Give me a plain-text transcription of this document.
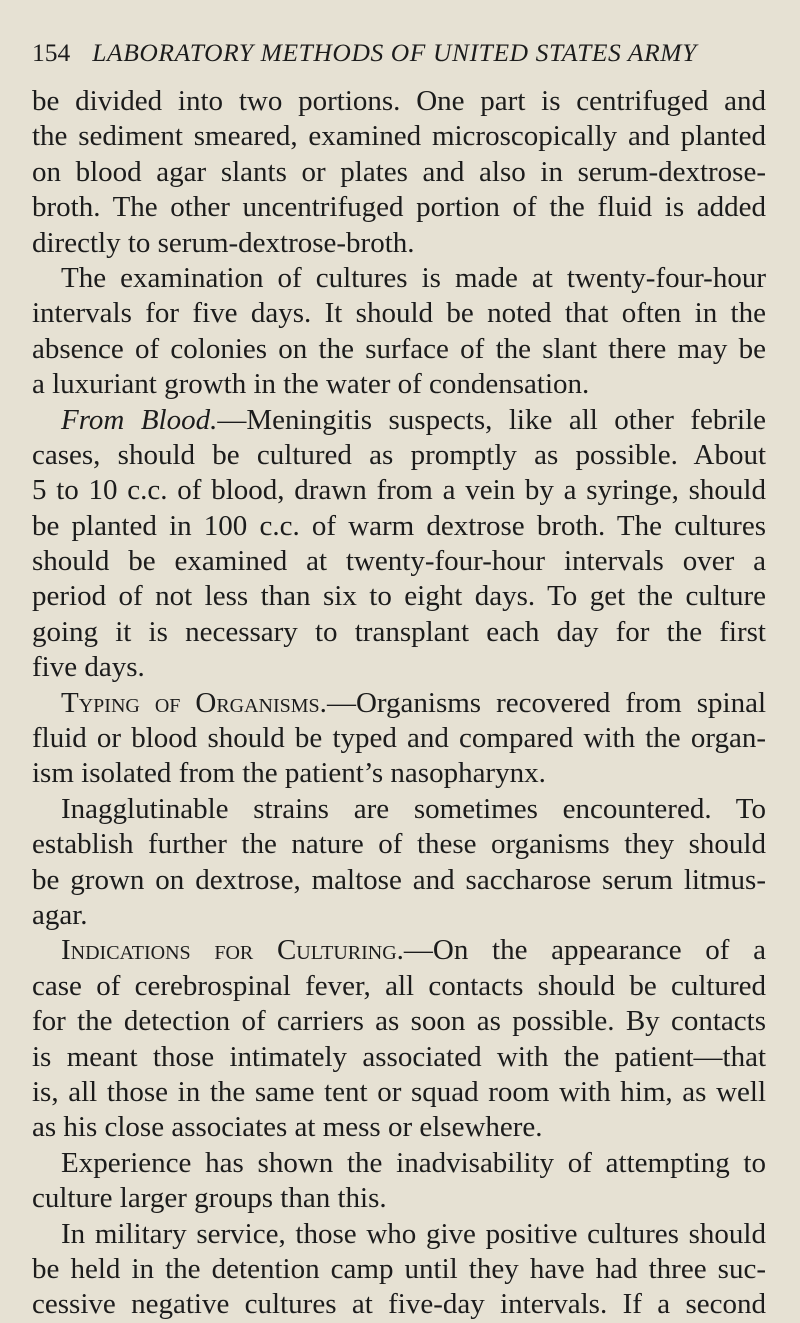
154 LABORATORY METHODS OF UNITED STATES ARMY
be divided into two portions. One part is centrifuged and
the sediment smeared, examined microscopically and planted
on blood agar slants or plates and also in serum-dextrose-
broth. The other uncentrifuged portion of the fluid is added
directly to serum-dextrose-broth.
The examination of cultures is made at twenty-four-hour
intervals for five days. It should be noted that often in the
absence of colonies on the surface of the slant there may be
a luxuriant growth in the water of condensation.
From Blood.—Meningitis suspects, like all other febrile
cases, should be cultured as promptly as possible. About
5 to 10 c.c. of blood, drawn from a vein by a syringe, should
be planted in 100 c.c. of warm dextrose broth. The cultures
should be examined at twenty-four-hour intervals over a
period of not less than six to eight days. To get the culture
going it is necessary to transplant each day for the first
five days.
Typing of Organisms.—Organisms recovered from spinal
fluid or blood should be typed and compared with the organ-
ism isolated from the patient’s nasopharynx.
Inagglutinable strains are sometimes encountered. To
establish further the nature of these organisms they should
be grown on dextrose, maltose and saccharose serum litmus-
agar.
Indications for Culturing.—On the appearance of a
case of cerebrospinal fever, all contacts should be cultured
for the detection of carriers as soon as possible. By contacts
is meant those intimately associated with the patient—that
is, all those in the same tent or squad room with him, as well
as his close associates at mess or elsewhere.
Experience has shown the inadvisability of attempting to
culture larger groups than this.
In military service, those who give positive cultures should
be held in the detention camp until they have had three suc-
cessive negative cultures at five-day intervals. If a second
